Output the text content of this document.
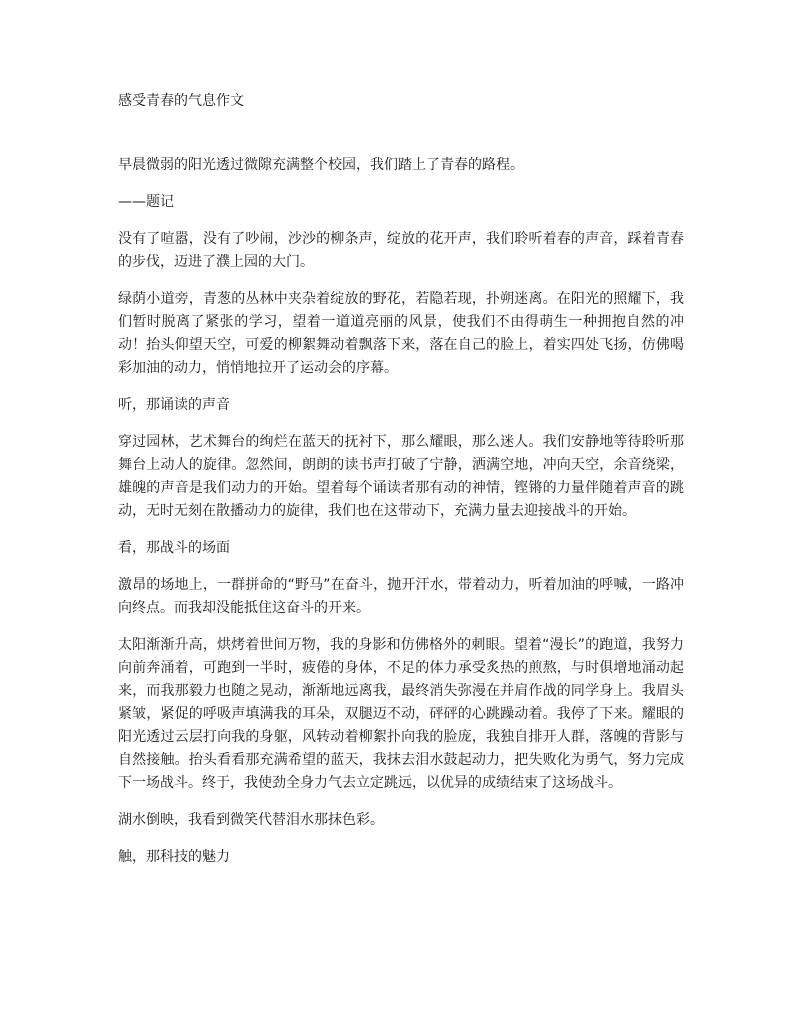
感受青春的气息作文

早晨微弱的阳光透过微隙充满整个校园，我们踏上了青春的路程。

——题记

没有了喧嚣，没有了吵闹，沙沙的柳条声，绽放的花开声，我们聆听着春的声音，踩着青春的步伐，迈进了濮上园的大门。

绿荫小道旁，青葱的丛林中夹杂着绽放的野花，若隐若现，扑朔迷离。在阳光的照耀下，我们暂时脱离了紧张的学习，望着一道道亮丽的风景，使我们不由得萌生一种拥抱自然的冲动！抬头仰望天空，可爱的柳絮舞动着飘落下来，落在自己的脸上，着实四处飞扬，仿佛喝彩加油的动力，悄悄地拉开了运动会的序幕。

听，那诵读的声音

穿过园林，艺术舞台的绚烂在蓝天的抚衬下，那么耀眼，那么迷人。我们安静地等待聆听那舞台上动人的旋律。忽然间，朗朗的读书声打破了宁静，洒满空地，冲向天空，余音绕梁，雄魄的声音是我们动力的开始。望着每个诵读者那有动的神情，铿锵的力量伴随着声音的跳动，无时无刻在散播动力的旋律，我们也在这带动下，充满力量去迎接战斗的开始。

看，那战斗的场面

激昂的场地上，一群拼命的“野马”在奋斗，抛开汗水，带着动力，听着加油的呼喊，一路冲向终点。而我却没能抵住这奋斗的开来。

太阳渐渐升高，烘烤着世间万物，我的身影和仿佛格外的刺眼。望着“漫长”的跑道，我努力向前奔涌着，可跑到一半时，疲倦的身体，不足的体力承受炙热的煎熬，与时俱增地涌动起来，而我那毅力也随之晃动，渐渐地远离我，最终消失弥漫在并肩作战的同学身上。我眉头紧皱，紧促的呼吸声填满我的耳朵，双腿迈不动，砰砰的心跳躁动着。我停了下来。耀眼的阳光透过云层打向我的身躯，风转动着柳絮扑向我的脸庞，我独自排开人群，落魄的背影与自然接触。抬头看看那充满希望的蓝天，我抹去泪水鼓起动力，把失败化为勇气，努力完成下一场战斗。终于，我使劲全身力气去立定跳远，以优异的成绩结束了这场战斗。

湖水倒映，我看到微笑代替泪水那抹色彩。

触，那科技的魅力
